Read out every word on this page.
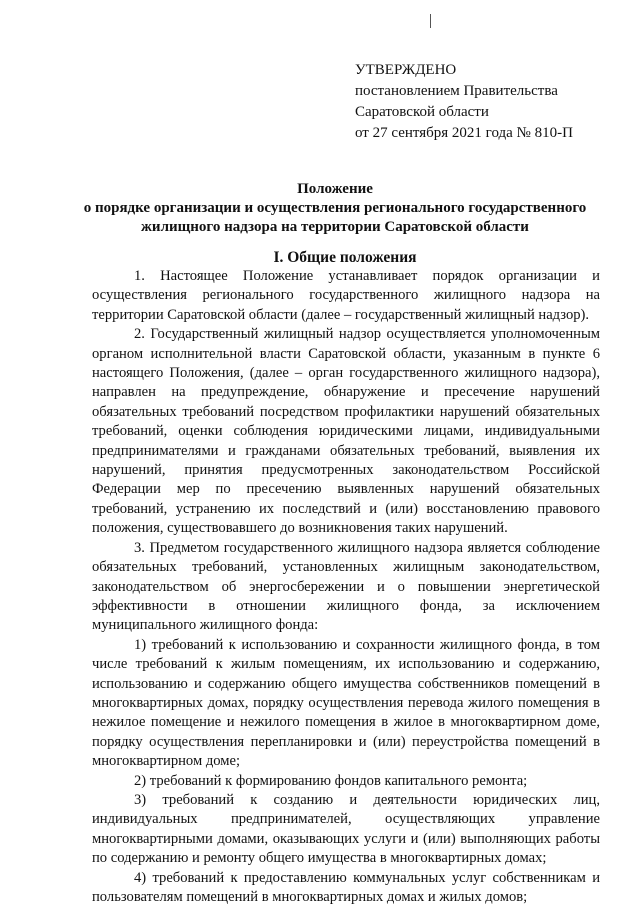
УТВЕРЖДЕНО
постановлением Правительства
Саратовской области
от 27 сентября 2021 года № 810-П
Положение
о порядке организации и осуществления регионального государственного
жилищного надзора на территории Саратовской области
I. Общие положения

1. Настоящее Положение устанавливает порядок организации и осуществления регионального государственного жилищного надзора на территории Саратовской области (далее – государственный жилищный надзор).

2. Государственный жилищный надзор осуществляется уполномоченным органом исполнительной власти Саратовской области, указанным в пункте 6 настоящего Положения, (далее – орган государственного жилищного надзора), направлен на предупреждение, обнаружение и пресечение нарушений обязательных требований посредством профилактики нарушений обязательных требований, оценки соблюдения юридическими лицами, индивидуальными предпринимателями и гражданами обязательных требований, выявления их нарушений, принятия предусмотренных законодательством Российской Федерации мер по пресечению выявленных нарушений обязательных требований, устранению их последствий и (или) восстановлению правового положения, существовавшего до возникновения таких нарушений.

3. Предметом государственного жилищного надзора является соблюдение обязательных требований, установленных жилищным законодательством, законодательством об энергосбережении и о повышении энергетической эффективности в отношении жилищного фонда, за исключением муниципального жилищного фонда:

1) требований к использованию и сохранности жилищного фонда, в том числе требований к жилым помещениям, их использованию и содержанию, использованию и содержанию общего имущества собственников помещений в многоквартирных домах, порядку осуществления перевода жилого помещения в нежилое помещение и нежилого помещения в жилое в многоквартирном доме, порядку осуществления перепланировки и (или) переустройства помещений в многоквартирном доме;

2) требований к формированию фондов капитального ремонта;

3) требований к созданию и деятельности юридических лиц, индивидуальных предпринимателей, осуществляющих управление многоквартирными домами, оказывающих услуги и (или) выполняющих работы по содержанию и ремонту общего имущества в многоквартирных домах;

4) требований к предоставлению коммунальных услуг собственникам и пользователям помещений в многоквартирных домах и жилых домов;
